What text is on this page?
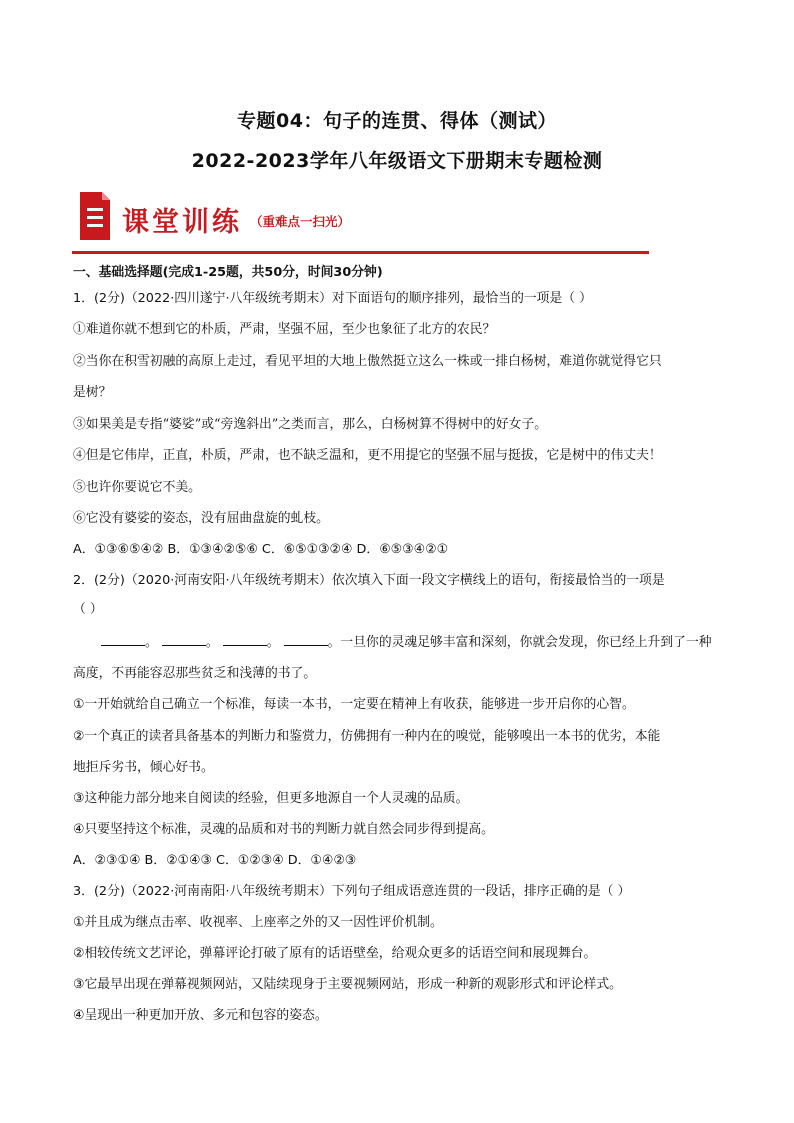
专题04：句子的连贯、得体（测试）
2022-2023学年八年级语文下册期末专题检测
课堂训练 （重难点一扫光）
一、基础选择题(完成1-25题，共50分，时间30分钟)
1．(2分)（2022·四川遂宁·八年级统考期末）对下面语句的顺序排列，最恰当的一项是（ ）
①难道你就不想到它的朴质，严肃，坚强不屈，至少也象征了北方的农民？
②当你在积雪初融的高原上走过，看见平坦的大地上傲然挺立这么一株或一排白杨树，难道你就觉得它只
是树？
③如果美是专指“婆娑”或“旁逸斜出”之类而言，那么，白杨树算不得树中的好女子。
④但是它伟岸，正直，朴质，严肃，也不缺乏温和，更不用提它的坚强不屈与挺拔，它是树中的伟丈夫！
⑤也许你要说它不美。
⑥它没有婆娑的姿态，没有屈曲盘旋的虬枝。
A．①③⑥⑤④② B．①③④②⑤⑥ C．⑥⑤①③②④ D．⑥⑤③④②①
2．(2分)（2020·河南安阳·八年级统考期末）依次填入下面一段文字横线上的语句，衔接最恰当的一项是
（ ）
。	。	。	。一旦你的灵魂足够丰富和深刻，你就会发现，你已经上升到了一种
高度，不再能容忍那些贫乏和浅薄的书了。
①一开始就给自己确立一个标准，每读一本书，一定要在精神上有收获，能够进一步开启你的心智。
②一个真正的读者具备基本的判断力和鉴赏力，仿佛拥有一种内在的嗅觉，能够嗅出一本书的优劣，本能
地拒斥劣书，倾心好书。
③这种能力部分地来自阅读的经验，但更多地源自一个人灵魂的品质。
④只要坚持这个标准，灵魂的品质和对书的判断力就自然会同步得到提高。
A．②③①④ B．②①④③ C．①②③④ D．①④②③
3．(2分)（2022·河南南阳·八年级统考期末）下列句子组成语意连贯的一段话，排序正确的是（ ）
①并且成为继点击率、收视率、上座率之外的又一因性评价机制。
②相较传统文艺评论，弹幕评论打破了原有的话语壁垒，给观众更多的话语空间和展现舞台。
③它最早出现在弹幕视频网站，又陆续现身于主要视频网站，形成一种新的观影形式和评论样式。
④呈现出一种更加开放、多元和包容的姿态。
